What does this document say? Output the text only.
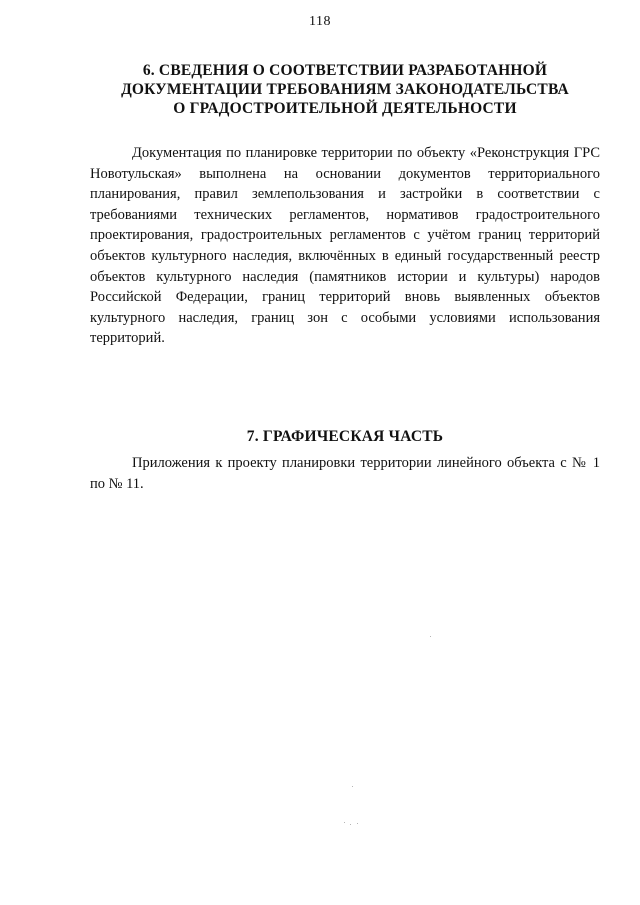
118
6. СВЕДЕНИЯ О СООТВЕТСТВИИ РАЗРАБОТАННОЙ
ДОКУМЕНТАЦИИ ТРЕБОВАНИЯМ ЗАКОНОДАТЕЛЬСТВА
О ГРАДОСТРОИТЕЛЬНОЙ ДЕЯТЕЛЬНОСТИ

Документация по планировке территории по объекту «Реконструкция ГРС Новотульская» выполнена на основании документов территориального планирования, правил землепользования и застройки в соответствии с требованиями технических регламентов, нормативов градостроительного проектирования, градостроительных регламентов с учётом границ территорий объектов культурного наследия, включённых в единый государственный реестр объектов культурного наследия (памятников истории и культуры) народов Российской Федерации, границ территорий вновь выявленных объектов культурного наследия, границ зон с особыми условиями использования территорий.

7. ГРАФИЧЕСКАЯ ЧАСТЬ

Приложения к проекту планировки территории линейного объекта с № 1 по № 11.
